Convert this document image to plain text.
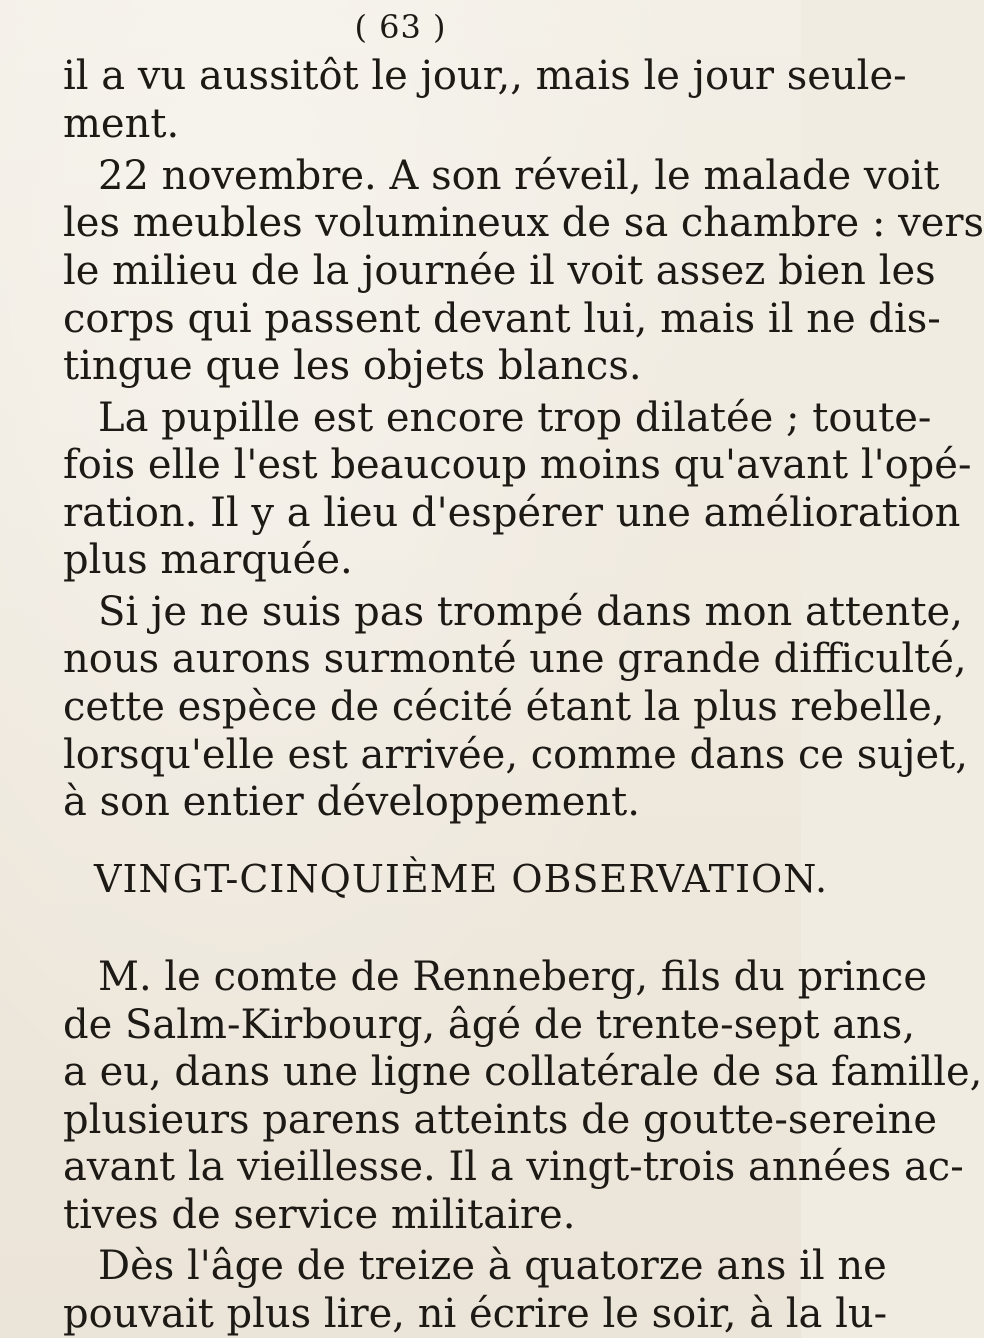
( 63 )
il a vu aussitôt le jour,, mais le jour seule-
ment.
22 novembre. A son réveil, le malade voit
les meubles volumineux de sa chambre : vers
le milieu de la journée il voit assez bien les
corps qui passent devant lui, mais il ne dis-
tingue que les objets blancs.
La pupille est encore trop dilatée ; toute-
fois elle l'est beaucoup moins qu'avant l'opé-
ration. Il y a lieu d'espérer une amélioration
plus marquée.
Si je ne suis pas trompé dans mon attente,
nous aurons surmonté une grande difficulté,
cette espèce de cécité étant la plus rebelle,
lorsqu'elle est arrivée, comme dans ce sujet,
à son entier développement.
VINGT-CINQUIÈME OBSERVATION.
M. le comte de Renneberg, fils du prince
de Salm-Kirbourg, âgé de trente-sept ans,
a eu, dans une ligne collatérale de sa famille,
plusieurs parens atteints de goutte-sereine
avant la vieillesse. Il a vingt-trois années ac-
tives de service militaire.
Dès l'âge de treize à quatorze ans il ne
pouvait plus lire, ni écrire le soir, à la lu-
